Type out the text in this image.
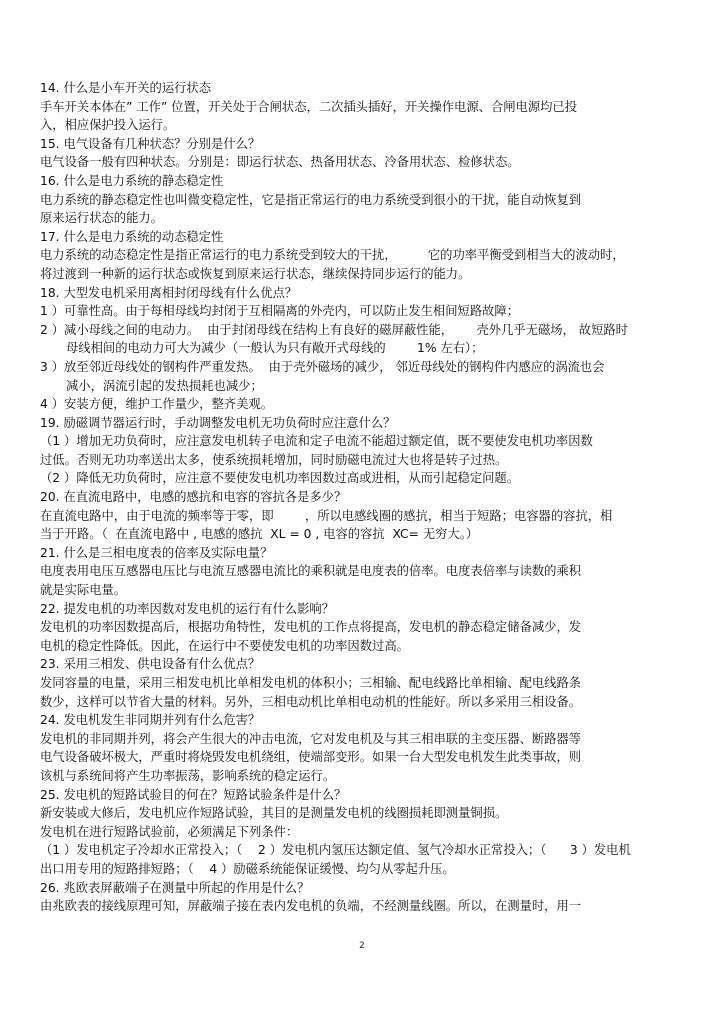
14. 什么是小车开关的运行状态
手车开关本体在” 工作” 位置，开关处于合闸状态，二次插头插好，开关操作电源、合闸电源均已投
入，相应保护投入运行。
15. 电气设备有几种状态？分别是什么？
电气设备一般有四种状态。分别是：即运行状态、热备用状态、冷备用状态、检修状态。
16. 什么是电力系统的静态稳定性
电力系统的静态稳定性也叫微变稳定性，它是指正常运行的电力系统受到很小的干扰，能自动恢复到
原来运行状态的能力。
17. 什么是电力系统的动态稳定性
电力系统的动态稳定性是指正常运行的电力系统受到较大的干扰，        它的功率平衡受到相当大的波动时，
将过渡到一种新的运行状态或恢复到原来运行状态，继续保持同步运行的能力。
18. 大型发电机采用离相封闭母线有什么优点？
1 ）可靠性高。由于每相母线均封闭于互相隔离的外壳内，可以防止发生相间短路故障；
2 ）减小母线之间的电动力。  由于封闭母线在结构上有良好的磁屏蔽性能，      壳外几乎无磁场， 故短路时
母线相间的电动力可大为减少（一般认为只有敞开式母线的        1% 左右）；
3 ）放至邻近母线处的钢构件严重发热。  由于壳外磁场的减少， 邻近母线处的钢构件内感应的涡流也会
减小，涡流引起的发热损耗也减少；
4 ）安装方便，维护工作量少，整齐美观。
19. 励磁调节器运行时，手动调整发电机无功负荷时应注意什么？
（1 ）增加无功负荷时，应注意发电机转子电流和定子电流不能超过额定值，既不要使发电机功率因数
过低。否则无功功率送出太多，使系统损耗增加，同时励磁电流过大也将是转子过热。
（2 ）降低无功负荷时，应注意不要使发电机功率因数过高或进相，从而引起稳定问题。
20. 在直流电路中，电感的感抗和电容的容抗各是多少？
在直流电路中，由于电流的频率等于零，即        ，所以电感线圈的感抗，相当于短路；电容器的容抗，相
当于开路。（  在直流电路中 , 电感的感抗  XL = 0 , 电容的容抗  XC= 无穷大。）
21. 什么是三相电度表的倍率及实际电量？
电度表用电压互感器电压比与电流互感器电流比的乘积就是电度表的倍率。电度表倍率与读数的乘积
就是实际电量。
22. 提发电机的功率因数对发电机的运行有什么影响？
发电机的功率因数提高后，根据功角特性，发电机的工作点将提高，发电机的静态稳定储备减少，发
电机的稳定性降低。因此，在运行中不要使发电机的功率因数过高。
23. 采用三相发、供电设备有什么优点？
发同容量的电量，采用三相发电机比单相发电机的体积小；三相输、配电线路比单相输、配电线路条
数少，这样可以节省大量的材料。另外，三相电动机比单相电动机的性能好。所以多采用三相设备。
24. 发电机发生非同期并列有什么危害？
发电机的非同期并列，将会产生很大的冲击电流，它对发电机及与其三相串联的主变压器、断路器等
电气设备破坏极大，严重时将烧毁发电机绕组，使端部变形。如果一台大型发电机发生此类事故，则
该机与系统间将产生功率振荡，影响系统的稳定运行。
25. 发电机的短路试验目的何在？短路试验条件是什么？
新安装或大修后，发电机应作短路试验，其目的是测量发电机的线圈损耗即测量铜损。
发电机在进行短路试验前，必须满足下列条件：
（1 ）发电机定子冷却水正常投入；（    2 ）发电机内氢压达额定值、氢气冷却水正常投入；（      3 ）发电机
出口用专用的短路排短路；（    4 ）励磁系统能保证缓慢、均匀从零起升压。
26. 兆欧表屏蔽端子在测量中所起的作用是什么？
由兆欧表的接线原理可知，屏蔽端子接在表内发电机的负端，不经测量线圈。所以，在测量时，用一
2
